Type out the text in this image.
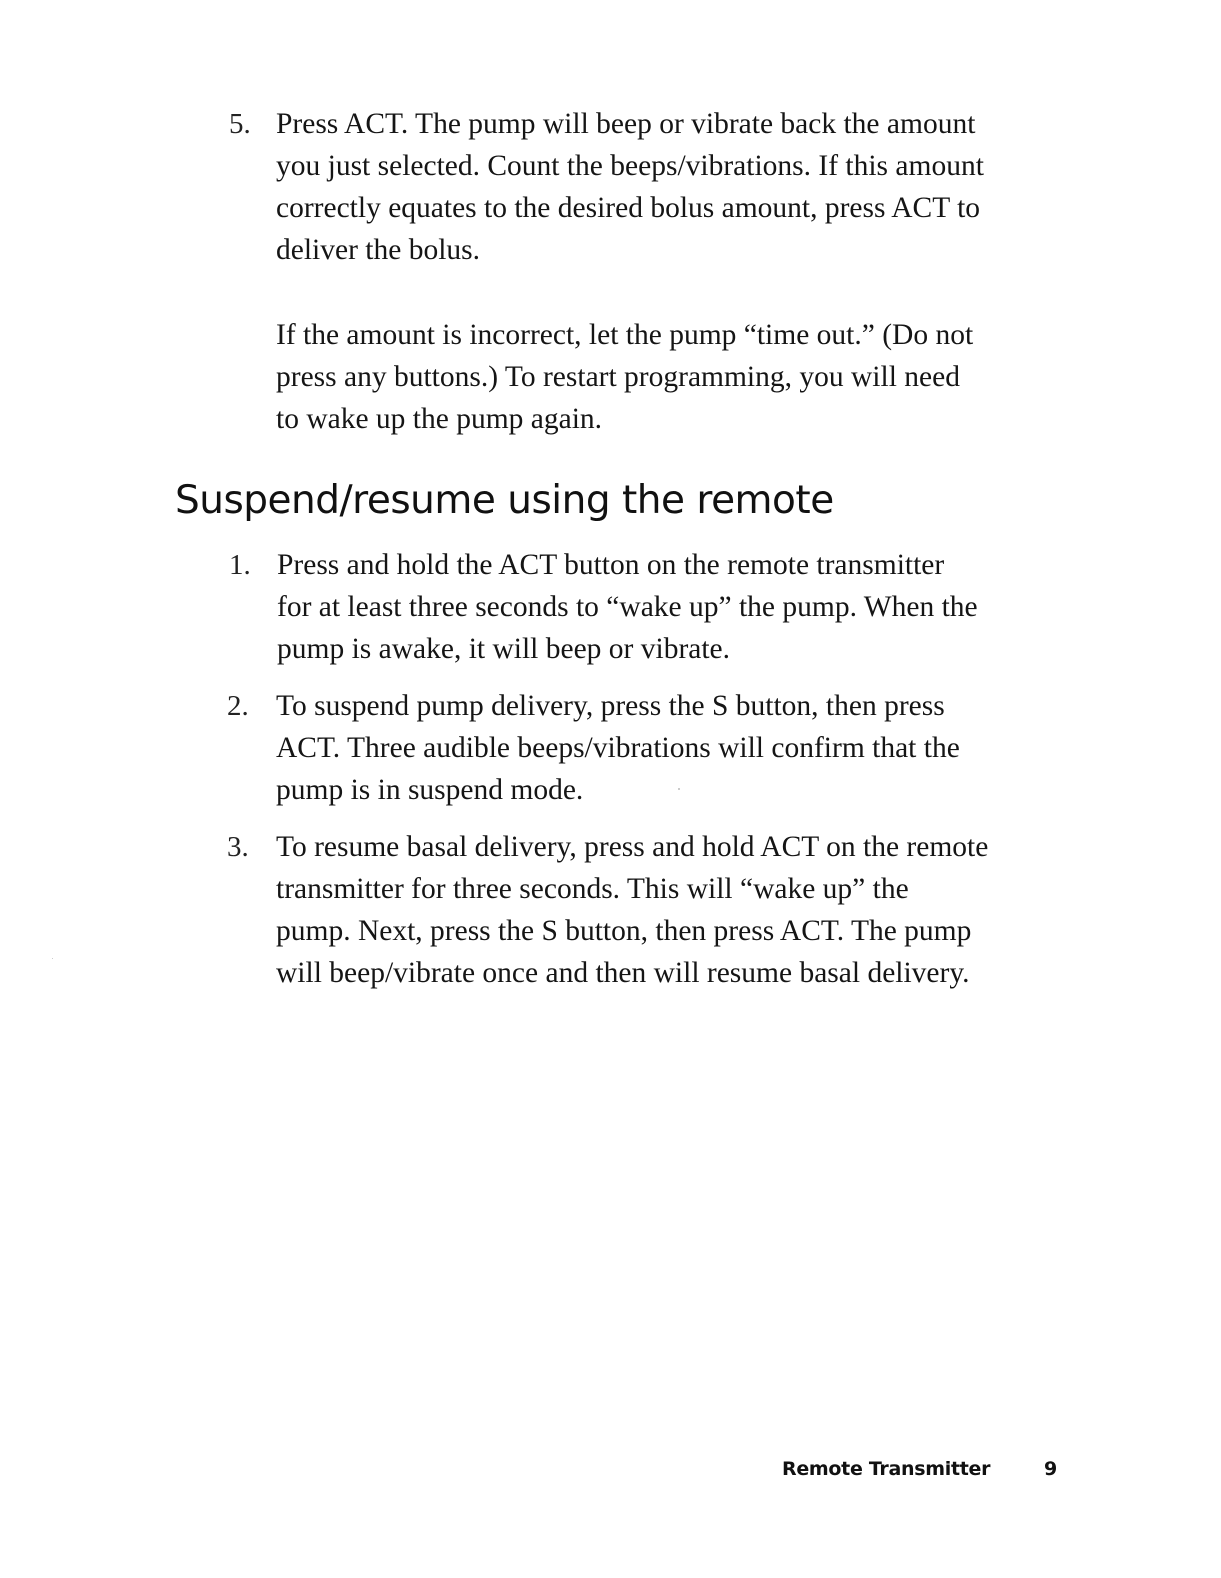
5. Press ACT. The pump will beep or vibrate back the amount
you just selected. Count the beeps/vibrations. If this amount
correctly equates to the desired bolus amount, press ACT to
deliver the bolus.
If the amount is incorrect, let the pump “time out.” (Do not
press any buttons.) To restart programming, you will need
to wake up the pump again.
Suspend/resume using the remote
1. Press and hold the ACT button on the remote transmitter
for at least three seconds to “wake up” the pump. When the
pump is awake, it will beep or vibrate.
2. To suspend pump delivery, press the S button, then press
ACT. Three audible beeps/vibrations will confirm that the
pump is in suspend mode.
3. To resume basal delivery, press and hold ACT on the remote
transmitter for three seconds. This will “wake up” the
pump. Next, press the S button, then press ACT. The pump
will beep/vibrate once and then will resume basal delivery.
Remote Transmitter	9
